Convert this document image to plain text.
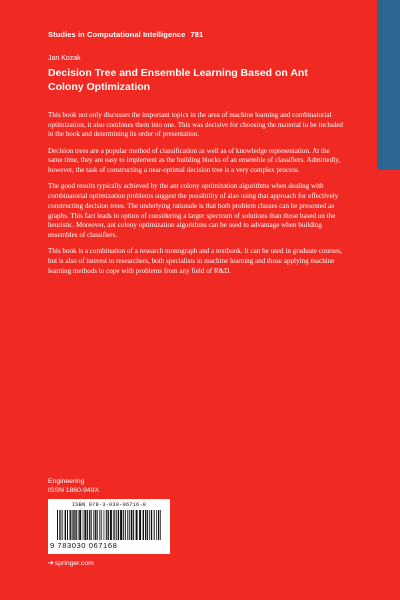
Studies in Computational Intelligence 781
Jan Kozak
Decision Tree and Ensemble Learning Based on Ant Colony Optimization

This book not only discusses the important topics in the area of machine learning and combinatorial optimization, it also combines them into one. This was decisive for choosing the material to be included in the book and determining its order of presentation.

Decision trees are a popular method of classification as well as of knowledge representation. At the same time, they are easy to implement as the building blocks of an ensemble of classifiers. Admittedly, however, the task of constructing a near-optimal decision tree is a very complex process.

The good results typically achieved by the ant colony optimization algorithms when dealing with combinatorial optimization problems suggest the possibility of also using that approach for effectively constructing decision trees. The underlying rationale is that both problem classes can be presented as graphs. This fact leads to option of considering a larger spectrum of solutions than those based on the heuristic. Moreover, ant colony optimization algorithms can be used to advantage when building ensembles of classifiers.

This book is a combination of a research monograph and a textbook. It can be used in graduate courses, but is also of interest to researchers, both specialists in machine learning and those applying machine learning methods to cope with problems from any field of R&D.

Engineering
ISSN 1860-949X
ISBN 978-3-030-06716-8
9 783030 067168
➜springer.com
